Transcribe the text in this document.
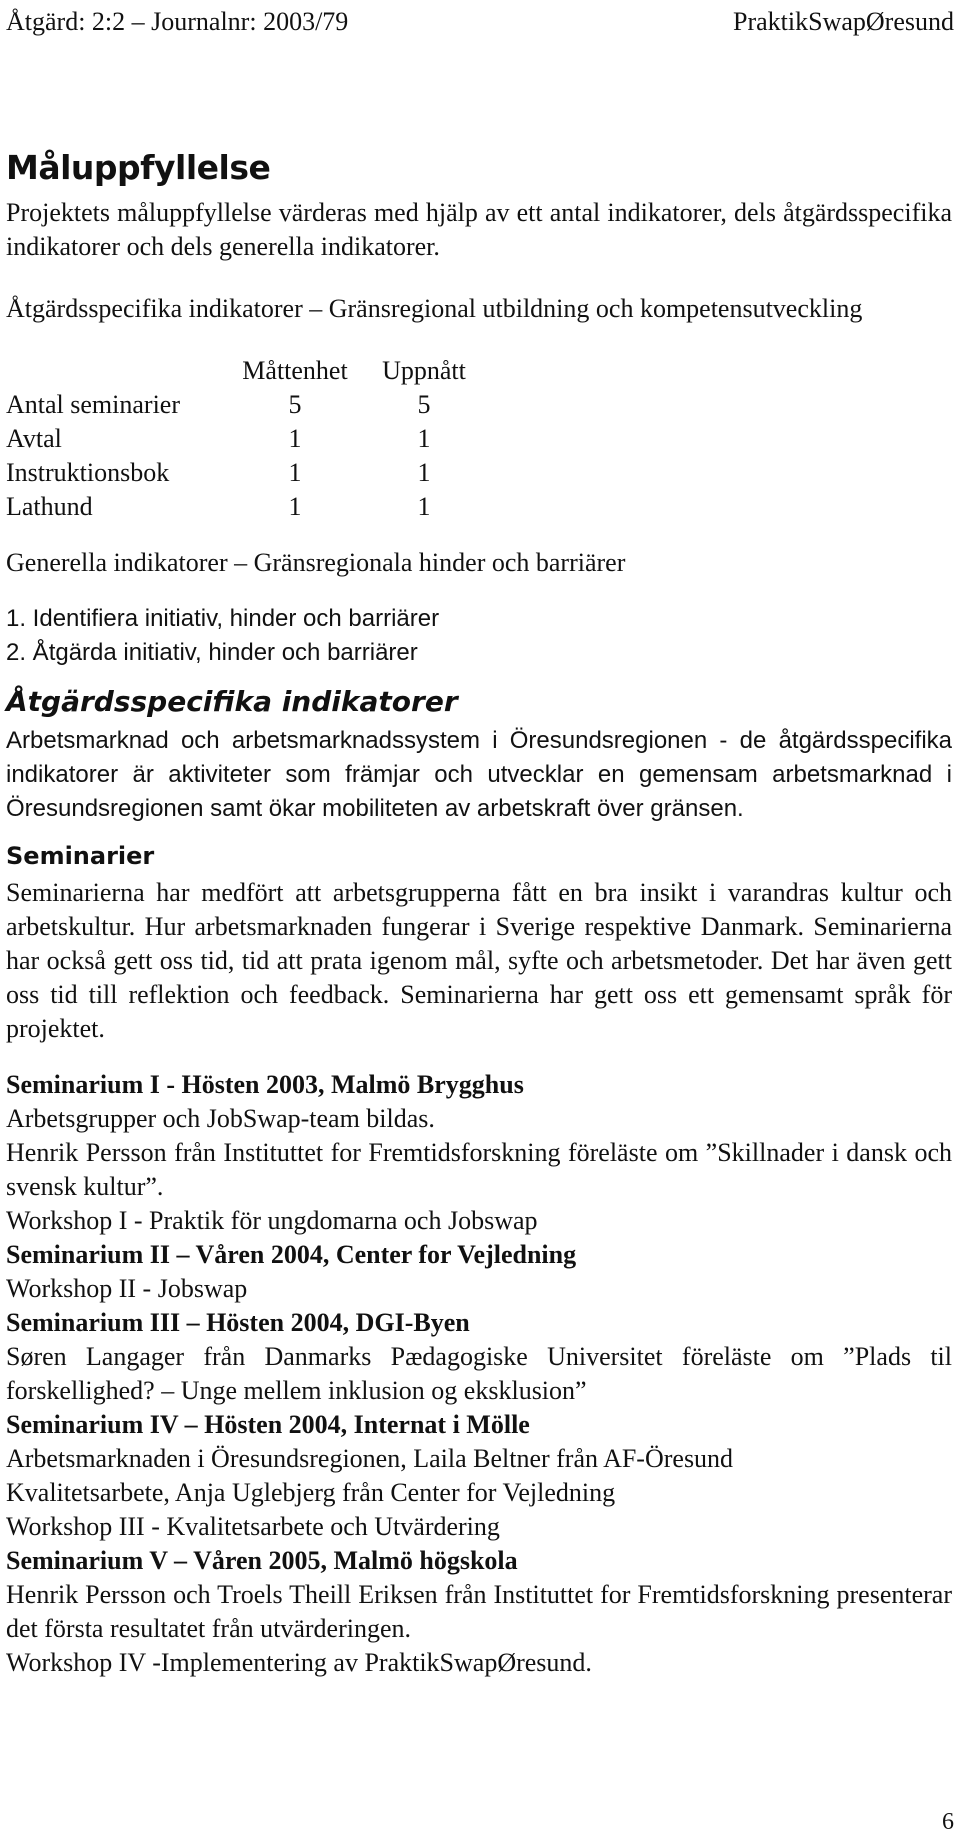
Åtgärd: 2:2 – Journalnr: 2003/79	PraktikSwapØresund
Måluppfyllelse
Projektets måluppfyllelse värderas med hjälp av ett antal indikatorer, dels åtgärdsspecifika indikatorer och dels generella indikatorer.
Åtgärdsspecifika indikatorer – Gränsregional utbildning och kompetensutveckling
	Måttenhet	Uppnått
Antal seminarier	5	5
Avtal	1	1
Instruktionsbok	1	1
Lathund	1	1
Generella indikatorer – Gränsregionala hinder och barriärer
1. Identifiera initiativ, hinder och barriärer
2. Åtgärda initiativ, hinder och barriärer
Åtgärdsspecifika indikatorer
Arbetsmarknad och arbetsmarknadssystem i Öresundsregionen - de åtgärdsspecifika indikatorer är aktiviteter som främjar och utvecklar en gemensam arbetsmarknad i Öresundsregionen samt ökar mobiliteten av arbetskraft över gränsen.
Seminarier
Seminarierna har medfört att arbetsgrupperna fått en bra insikt i varandras kultur och arbetskultur. Hur arbetsmarknaden fungerar i Sverige respektive Danmark. Seminarierna har också gett oss tid, tid att prata igenom mål, syfte och arbetsmetoder. Det har även gett oss tid till reflektion och feedback. Seminarierna har gett oss ett gemensamt språk för projektet.
Seminarium I - Hösten 2003, Malmö Brygghus
Arbetsgrupper och JobSwap-team bildas.
Henrik Persson från Instituttet for Fremtidsforskning föreläste om ”Skillnader i dansk och svensk kultur”.
Workshop I - Praktik för ungdomarna och Jobswap
Seminarium II – Våren 2004, Center for Vejledning
Workshop II - Jobswap
Seminarium III – Hösten 2004, DGI-Byen
Søren Langager från Danmarks Pædagogiske Universitet föreläste om ”Plads til forskellighed? – Unge mellem inklusion og eksklusion”
Seminarium IV – Hösten 2004, Internat i Mölle
Arbetsmarknaden i Öresundsregionen, Laila Beltner från AF-Öresund
Kvalitetsarbete, Anja Uglebjerg från Center for Vejledning
Workshop III - Kvalitetsarbete och Utvärdering
Seminarium V – Våren 2005, Malmö högskola
Henrik Persson och Troels Theill Eriksen från Instituttet for Fremtidsforskning presenterar det första resultatet från utvärderingen.
Workshop IV -Implementering av PraktikSwapØresund.
6
